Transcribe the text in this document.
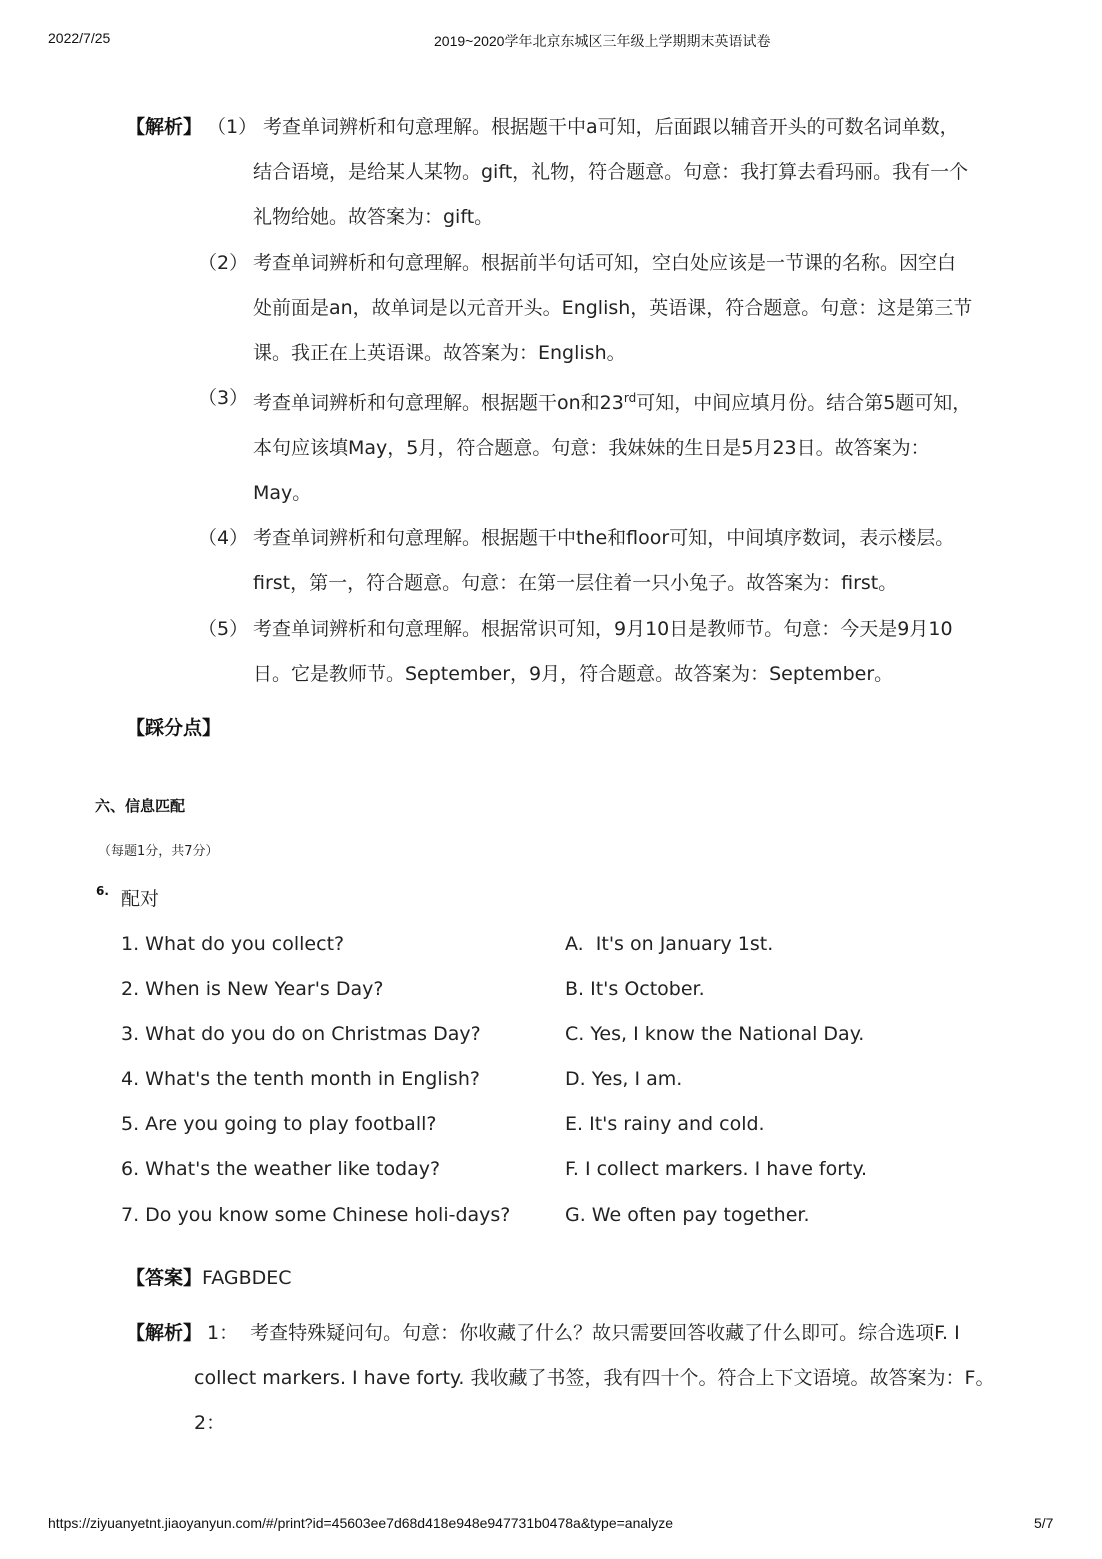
2022/7/25	2019~2020学年北京东城区三年级上学期期末英语试卷
【解析】 （1） 考查单词辨析和句意理解。根据题干中a可知，后面跟以辅音开头的可数名词单数，
结合语境，是给某人某物。gift，礼物，符合题意。句意：我打算去看玛丽。我有一个
礼物给她。故答案为：gift。
（2） 考查单词辨析和句意理解。根据前半句话可知，空白处应该是一节课的名称。因空白
处前面是an，故单词是以元音开头。English，英语课，符合题意。句意：这是第三节
课。我正在上英语课。故答案为：English。
（3） 考查单词辨析和句意理解。根据题干on和23rd可知，中间应填月份。结合第5题可知，
本句应该填May，5月，符合题意。句意：我妹妹的生日是5月23日。故答案为：
May。
（4） 考查单词辨析和句意理解。根据题干中the和floor可知，中间填序数词，表示楼层。
first，第一，符合题意。句意：在第一层住着一只小兔子。故答案为：first。
（5） 考查单词辨析和句意理解。根据常识可知，9月10日是教师节。句意：今天是9月10
日。它是教师节。September，9月，符合题意。故答案为：September。
【踩分点】
六、信息匹配
（每题1分，共7分）
6. 配对
1. What do you collect?
2. When is New Year's Day?
3. What do you do on Christmas Day?
4. What's the tenth month in English?
5. Are you going to play football?
6. What's the weather like today?
7. Do you know some Chinese holi-days?
A.  It's on January 1st.
B. It's October.
C. Yes, I know the National Day.
D. Yes, I am.
E. It's rainy and cold.
F. I collect markers. I have forty.
G. We often pay together.
【答案】FAGBDEC
【解析】 1：  考查特殊疑问句。句意：你收藏了什么？故只需要回答收藏了什么即可。综合选项F. I
collect markers. I have forty. 我收藏了书签，我有四十个。符合上下文语境。故答案为：F。
2：
https://ziyuanyetnt.jiaoyanyun.com/#/print?id=45603ee7d68d418e948e947731b0478a&type=analyze	5/7
